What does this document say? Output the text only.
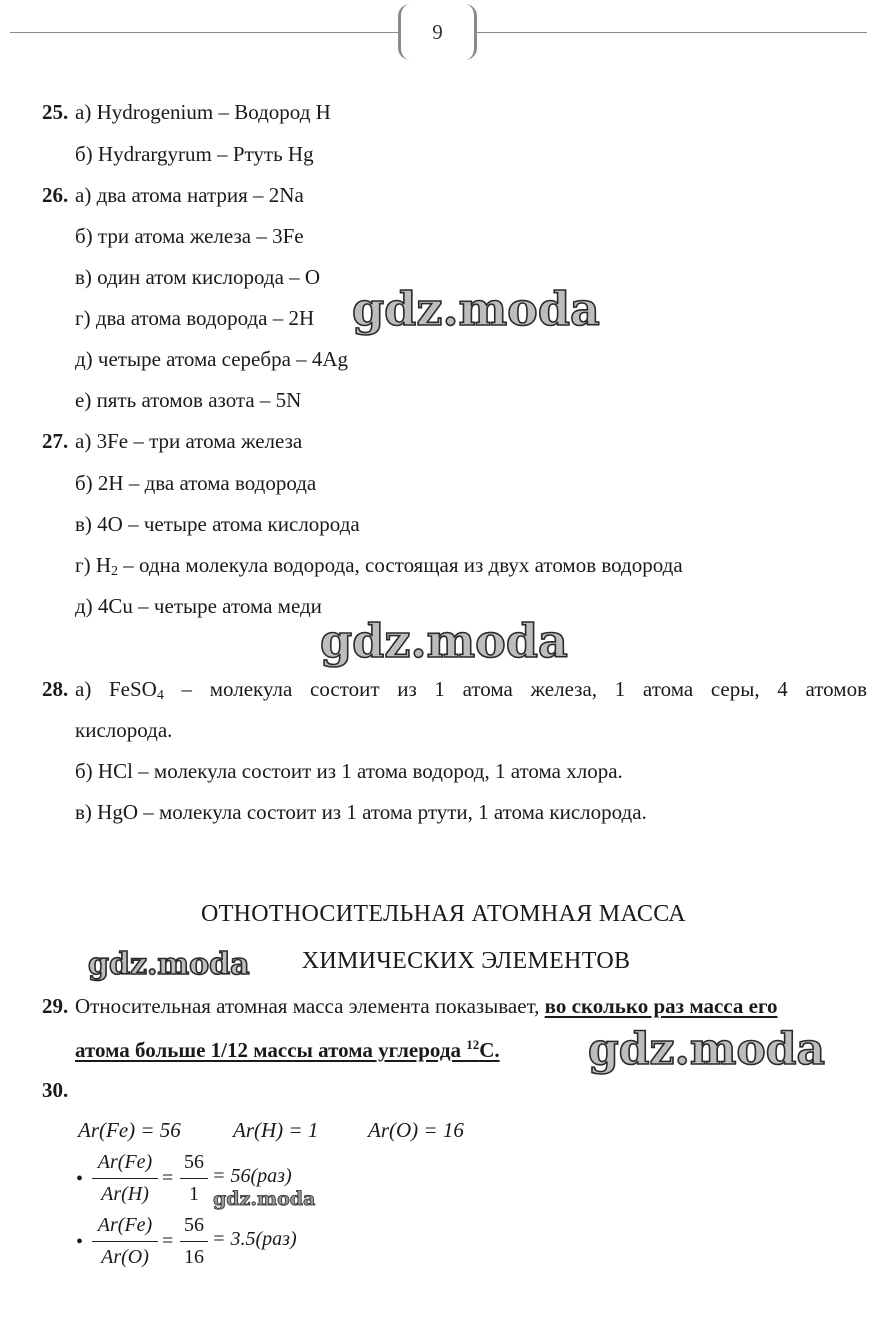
9
25. а) Hydrogenium – Водород H
б) Hydrargyrum – Ртуть Hg
26. а) два атома натрия – 2Na
б) три атома железа – 3Fe
в) один атом кислорода – О
г) два атома водорода – 2H
д) четыре атома серебра – 4Ag
е) пять атомов азота – 5N
27. а) 3Fe – три атома железа
б) 2H – два атома водорода
в) 4O – четыре атома кислорода
г) $H_2$ – одна молекула водорода, состоящая из двух атомов водорода
д) 4Cu – четыре атома меди
28. а) FeSO$_4$ – молекула состоит из 1 атома железа, 1 атома серы, 4 атомов
кислорода.
б) HCl – молекула состоит из 1 атома водород, 1 атома хлора.
в) HgO – молекула состоит из 1 атома ртути, 1 атома кислорода.
ОТНОТНОСИТЕЛЬНАЯ АТОМНАЯ МАССА
ХИМИЧЕСКИХ ЭЛЕМЕНТОВ
29. Относительная атомная масса элемента показывает, во сколько раз масса его
атома больше 1/12 массы атома углерода $^{12}$C.
30.
Ar(Fe) = 56 Ar(H) = 1 Ar(O) = 16
•
Ar(Fe)
Ar(H)
=
56
1
= 56(раз)
•
Ar(Fe)
Ar(O)
=
56
16
= 3.5(раз)
gdz.moda
gdz.moda
gdz.moda
gdz.moda
gdz.moda
